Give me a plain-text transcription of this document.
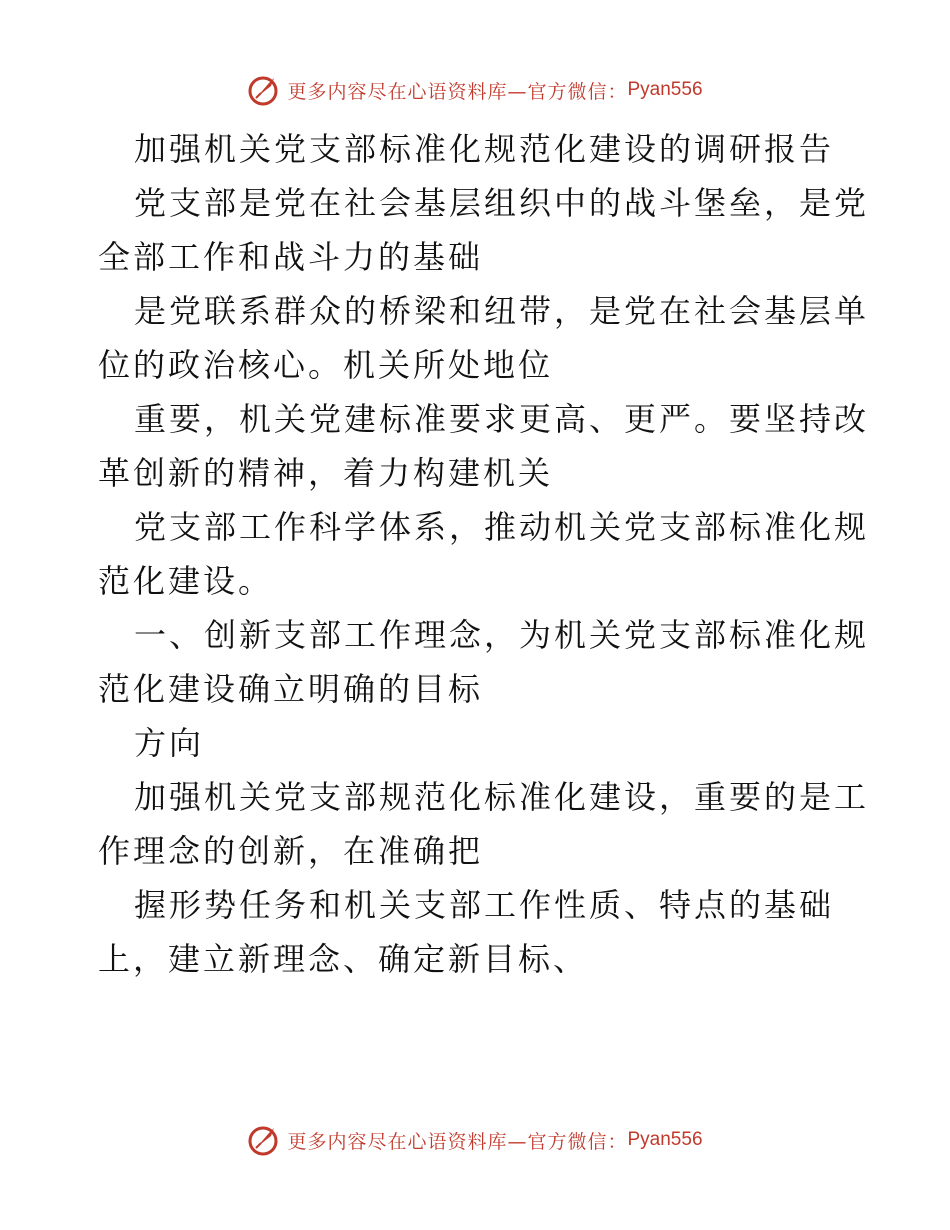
更多内容尽在心语资料库—官方微信： Pyan556

加强机关党支部标准化规范化建设的调研报告

党支部是党在社会基层组织中的战斗堡垒，是党

全部工作和战斗力的基础

是党联系群众的桥梁和纽带，是党在社会基层单

位的政治核心。机关所处地位

重要，机关党建标准要求更高、更严。要坚持改

革创新的精神，着力构建机关

党支部工作科学体系，推动机关党支部标准化规

范化建设。

一、创新支部工作理念，为机关党支部标准化规

范化建设确立明确的目标

方向

加强机关党支部规范化标准化建设，重要的是工

作理念的创新，在准确把

握形势任务和机关支部工作性质、特点的基础

上，建立新理念、确定新目标、

更多内容尽在心语资料库—官方微信： Pyan556
